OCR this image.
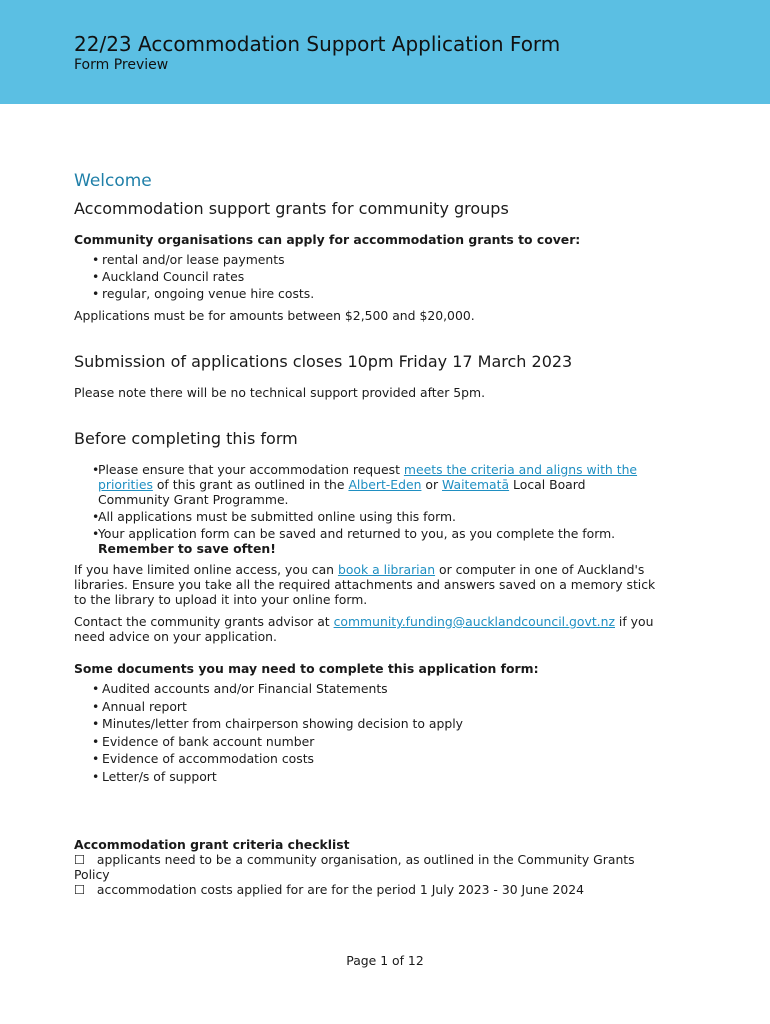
22/23 Accommodation Support Application Form
Form Preview
Welcome
Accommodation support grants for community groups

Community organisations can apply for accommodation grants to cover:

• rental and/or lease payments
• Auckland Council rates
• regular, ongoing venue hire costs.

Applications must be for amounts between $2,500 and $20,000.

Submission of applications closes 10pm Friday 17 March 2023

Please note there will be no technical support provided after 5pm.

Before completing this form
• Please ensure that your accommodation request meets the criteria and aligns with the priorities of this grant as outlined in the Albert-Eden or Waitematā Local Board Community Grant Programme.
• All applications must be submitted online using this form.
• Your application form can be saved and returned to you, as you complete the form.
Remember to save often!

If you have limited online access, you can book a librarian or computer in one of Auckland's libraries. Ensure you take all the required attachments and answers saved on a memory stick to the library to upload it into your online form.

Contact the community grants advisor at community.funding@aucklandcouncil.govt.nz if you need advice on your application.

Some documents you may need to complete this application form:

• Audited accounts and/or Financial Statements
• Annual report
• Minutes/letter from chairperson showing decision to apply
• Evidence of bank account number
• Evidence of accommodation costs
• Letter/s of support

Accommodation grant criteria checklist

☐   applicants need to be a community organisation, as outlined in the Community Grants Policy

☐   accommodation costs applied for are for the period 1 July 2023 - 30 June 2024

Page 1 of 12
